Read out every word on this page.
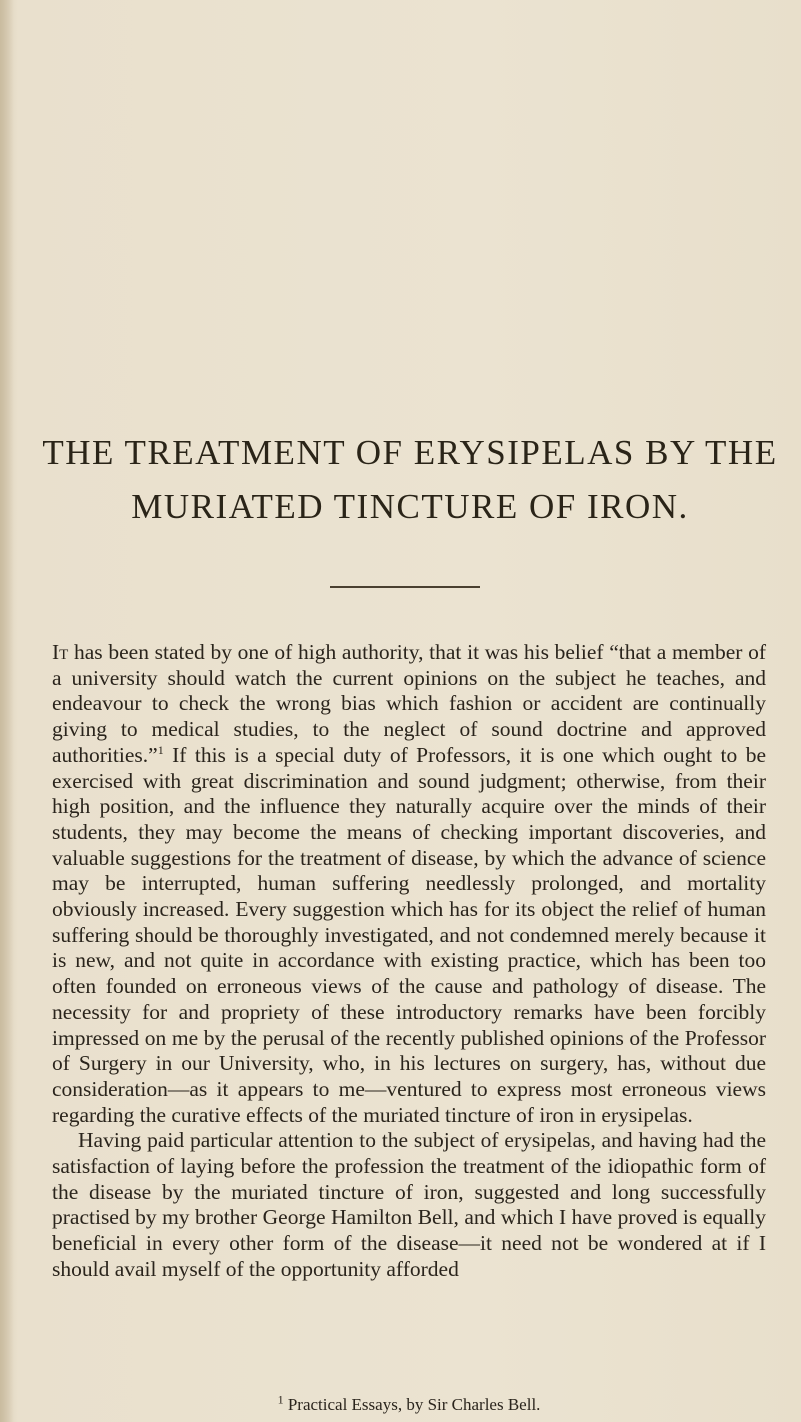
THE TREATMENT OF ERYSIPELAS BY THE
MURIATED TINCTURE OF IRON.

It has been stated by one of high authority, that it was his belief “that a member of a university should watch the current opinions on the subject he teaches, and endeavour to check the wrong bias which fashion or accident are continually giving to medical studies, to the neglect of sound doctrine and approved authorities.”$^1$ If this is a special duty of Professors, it is one which ought to be exercised with great discrimination and sound judgment; otherwise, from their high position, and the influence they naturally acquire over the minds of their students, they may become the means of checking important discoveries, and valuable suggestions for the treatment of disease, by which the advance of science may be interrupted, human suffering needlessly prolonged, and mortality obviously increased. Every suggestion which has for its object the relief of human suffering should be thoroughly investigated, and not condemned merely because it is new, and not quite in accordance with existing practice, which has been too often founded on erroneous views of the cause and pathology of disease. The necessity for and propriety of these introductory remarks have been forcibly impressed on me by the perusal of the recently published opinions of the Professor of Surgery in our University, who, in his lectures on surgery, has, without due consideration—as it appears to me—ventured to express most erroneous views regarding the curative effects of the muriated tincture of iron in erysipelas.

Having paid particular attention to the subject of erysipelas, and having had the satisfaction of laying before the profession the treatment of the idiopathic form of the disease by the muriated tincture of iron, suggested and long successfully practised by my brother George Hamilton Bell, and which I have proved is equally beneficial in every other form of the disease—it need not be wondered at if I should avail myself of the opportunity afforded

$^1$ Practical Essays, by Sir Charles Bell.
